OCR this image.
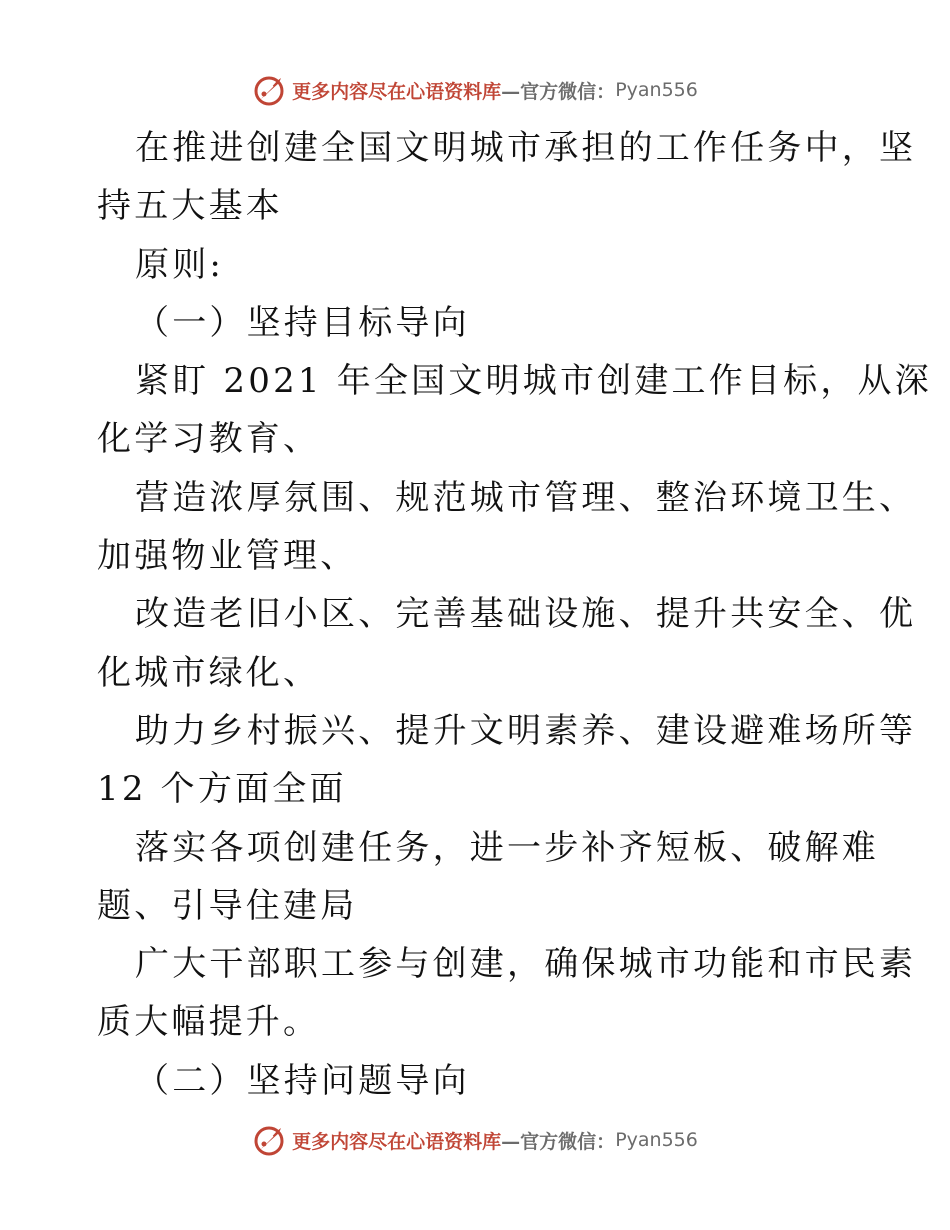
更多内容尽在心语资料库 —官方微信： Pyan556
在推进创建全国文明城市承担的工作任务中，坚
持五大基本
原则:
（一）坚持目标导向
紧盯 2021 年全国文明城市创建工作目标，从深
化学习教育、
营造浓厚氛围、规范城市管理、整治环境卫生、
加强物业管理、
改造老旧小区、完善基础设施、提升共安全、优
化城市绿化、
助力乡村振兴、提升文明素养、建设避难场所等
12 个方面全面
落实各项创建任务，进一步补齐短板、破解难
题、引导住建局
广大干部职工参与创建，确保城市功能和市民素
质大幅提升。
（二）坚持问题导向
更多内容尽在心语资料库 —官方微信： Pyan556
